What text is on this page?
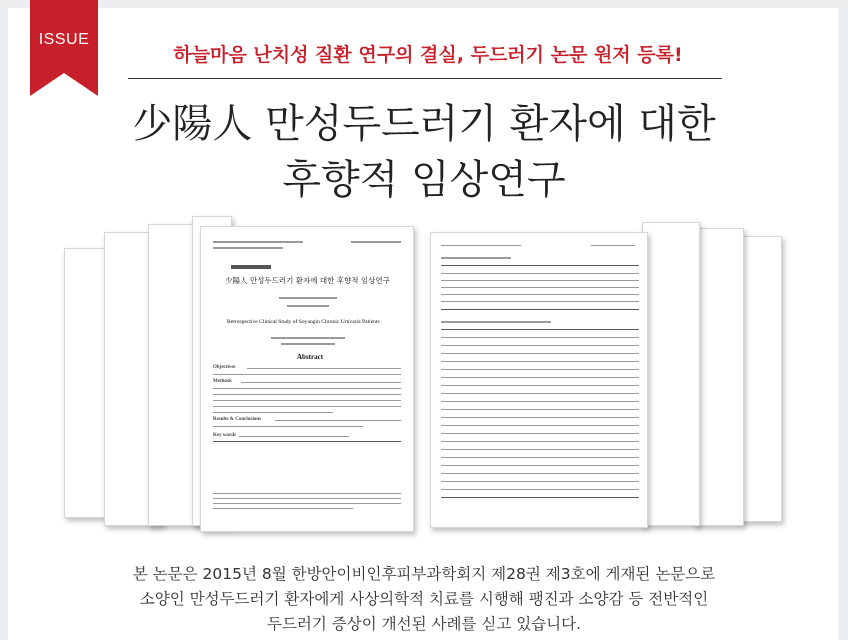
ISSUE
하늘마음 난치성 질환 연구의 결실, 두드러기 논문 원저 등록!
少陽人 만성두드러기 환자에 대한
후향적 임상연구
少陽人 만성두드러기 환자에 대한 후향적 임상연구
Retrospective Clinical Study of Soyangin Chronic Urticaria Patients
Abstract
Objectives
Methods
Results & Conclusions
Key words
본 논문은 2015년 8월 한방안이비인후피부과학회지 제28권 제3호에 게재된 논문으로
소양인 만성두드러기 환자에게 사상의학적 치료를 시행해 팽진과 소양감 등 전반적인
두드러기 증상이 개선된 사례를 싣고 있습니다.
